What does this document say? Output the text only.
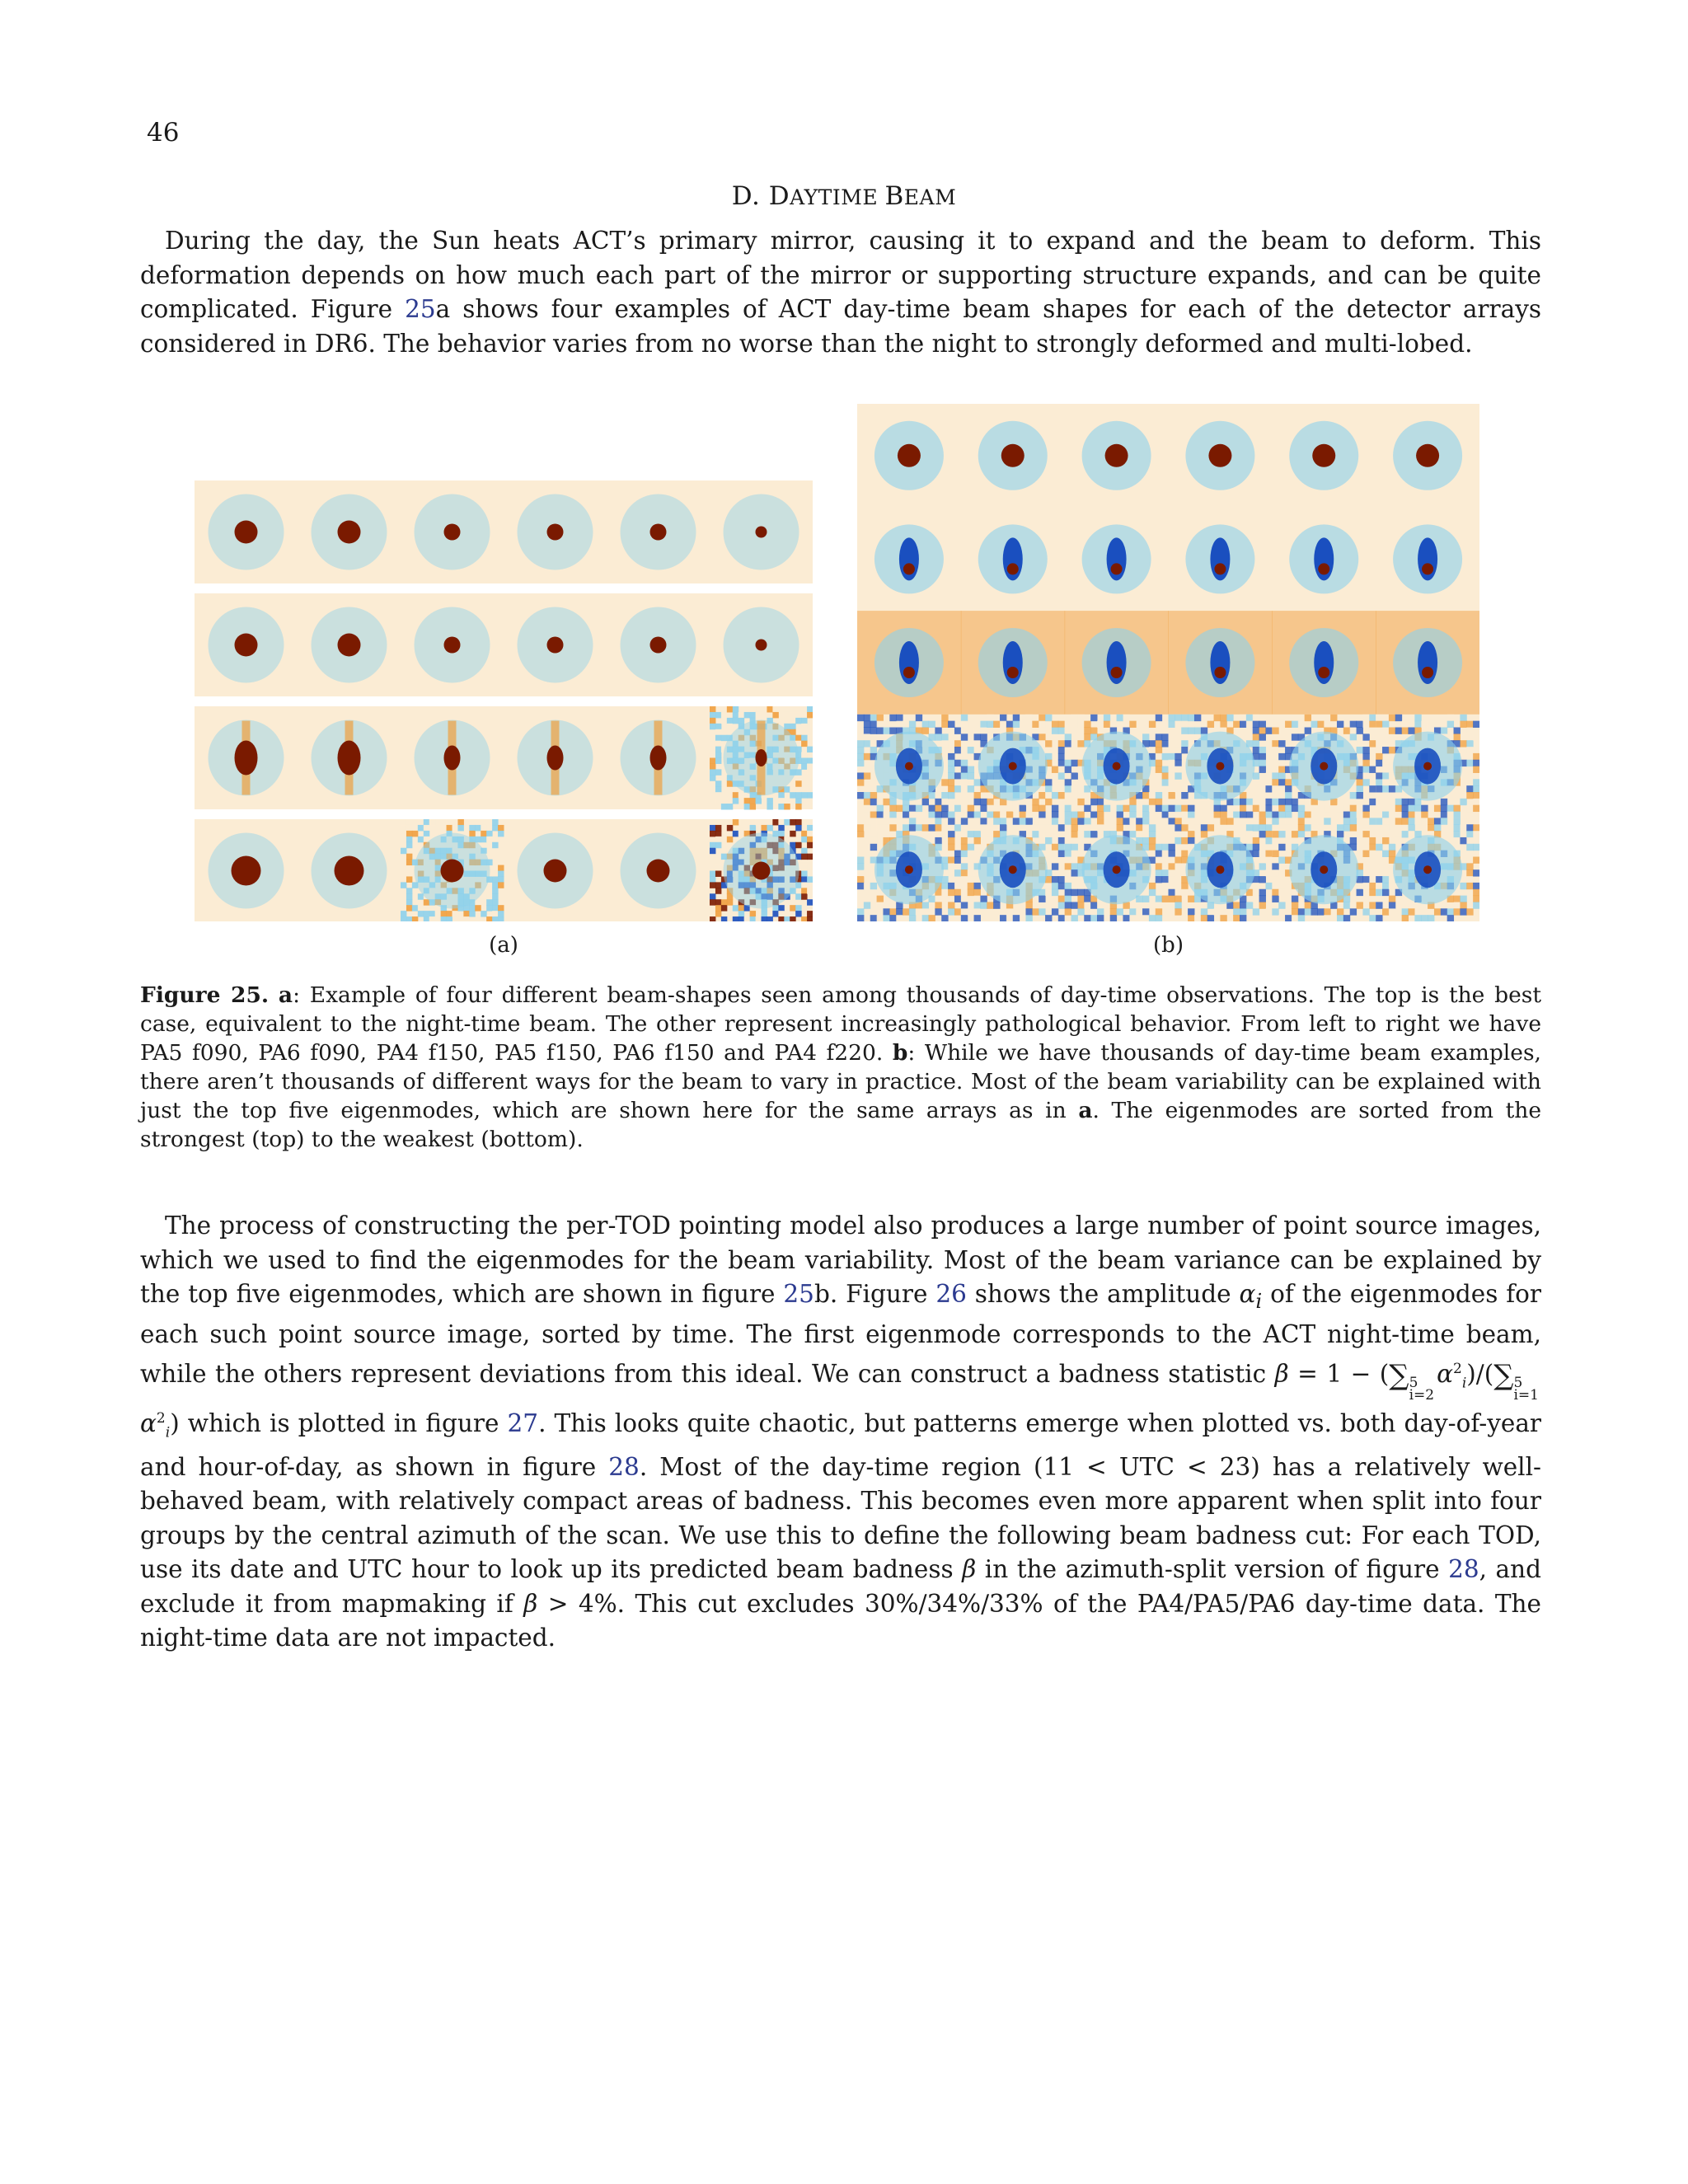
46
D. DAYTIME BEAM
During the day, the Sun heats ACT’s primary mirror, causing it to expand and the beam to deform. This deformation depends on how much each part of the mirror or supporting structure expands, and can be quite complicated. Figure 25a shows four examples of ACT day-time beam shapes for each of the detector arrays considered in DR6. The behavior varies from no worse than the night to strongly deformed and multi-lobed.
(a)	(b)
Figure 25. a: Example of four different beam-shapes seen among thousands of day-time observations. The top is the best case, equivalent to the night-time beam. The other represent increasingly pathological behavior. From left to right we have PA5 f090, PA6 f090, PA4 f150, PA5 f150, PA6 f150 and PA4 f220. b: While we have thousands of day-time beam examples, there aren’t thousands of different ways for the beam to vary in practice. Most of the beam variability can be explained with just the top five eigenmodes, which are shown here for the same arrays as in a. The eigenmodes are sorted from the strongest (top) to the weakest (bottom).
The process of constructing the per-TOD pointing model also produces a large number of point source images, which we used to find the eigenmodes for the beam variability. Most of the beam variance can be explained by the top five eigenmodes, which are shown in figure 25b. Figure 26 shows the amplitude $\alpha_i$ of the eigenmodes for each such point source image, sorted by time. The first eigenmode corresponds to the ACT night-time beam, while the others represent deviations from this ideal. We can construct a badness statistic β = 1 − (∑ 5
i=2
$\alpha^2_i)/(\sum$ 5
i=1
$\alpha^2_i$) which is plotted in figure 27. This looks quite chaotic, but patterns emerge when plotted vs. both day-of-year and hour-of-day, as shown in figure 28. Most of the day-time region (11 < UTC < 23) has a relatively well-behaved beam, with relatively compact areas of badness. This becomes even more apparent when split into four groups by the central azimuth of the scan. We use this to define the following beam badness cut: For each TOD, use its date and UTC hour to look up its predicted beam badness β in the azimuth-split version of figure 28, and exclude it from mapmaking if β > 4%. This cut excludes 30%/34%/33% of the PA4/PA5/PA6 day-time data. The night-time data are not impacted.
